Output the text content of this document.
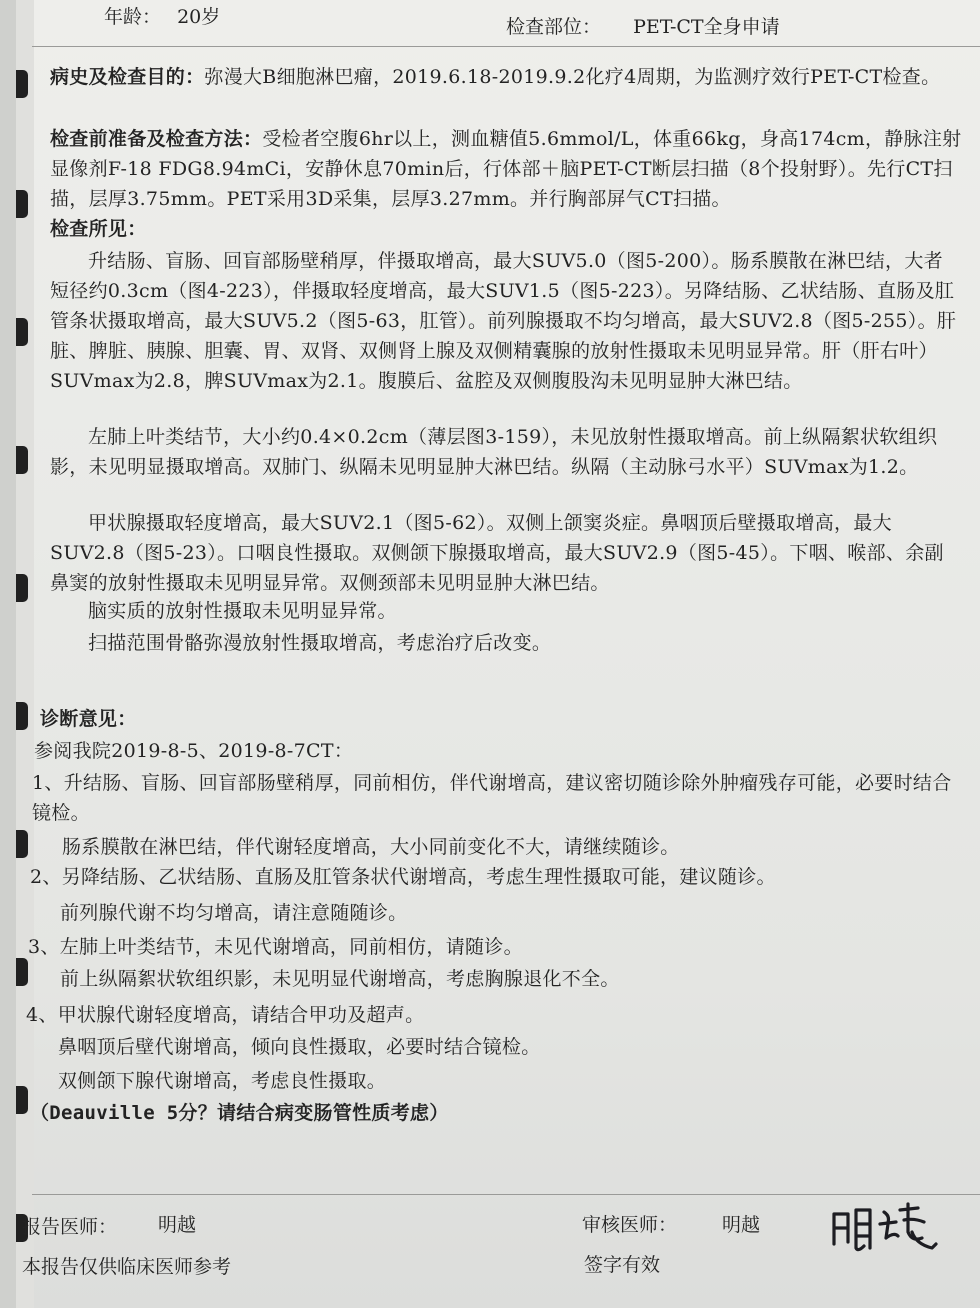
年龄： 20岁	检查部位： PET-CT全身申请
病史及检查目的：弥漫大B细胞淋巴瘤，2019.6.18-2019.9.2化疗4周期，为监测疗效行PET-CT检查。
检查前准备及检查方法：受检者空腹6hr以上，测血糖值5.6mmol/L，体重66kg，身高174cm，静脉注射显像剂F-18 FDG8.94mCi，安静休息70min后，行体部＋脑PET-CT断层扫描（8个投射野）。先行CT扫描，层厚3.75mm。PET采用3D采集，层厚3.27mm。并行胸部屏气CT扫描。
检查所见：
升结肠、盲肠、回盲部肠壁稍厚，伴摄取增高，最大SUV5.0（图5-200）。肠系膜散在淋巴结，大者短径约0.3cm（图4-223），伴摄取轻度增高，最大SUV1.5（图5-223）。另降结肠、乙状结肠、直肠及肛管条状摄取增高，最大SUV5.2（图5-63，肛管）。前列腺摄取不均匀增高，最大SUV2.8（图5-255）。肝脏、脾脏、胰腺、胆囊、胃、双肾、双侧肾上腺及双侧精囊腺的放射性摄取未见明显异常。肝（肝右叶）SUVmax为2.8，脾SUVmax为2.1。腹膜后、盆腔及双侧腹股沟未见明显肿大淋巴结。
左肺上叶类结节，大小约0.4×0.2cm（薄层图3-159），未见放射性摄取增高。前上纵隔絮状软组织影，未见明显摄取增高。双肺门、纵隔未见明显肿大淋巴结。纵隔（主动脉弓水平）SUVmax为1.2。
甲状腺摄取轻度增高，最大SUV2.1（图5-62）。双侧上颌窦炎症。鼻咽顶后壁摄取增高，最大SUV2.8（图5-23）。口咽良性摄取。双侧颌下腺摄取增高，最大SUV2.9（图5-45）。下咽、喉部、余副鼻窦的放射性摄取未见明显异常。双侧颈部未见明显肿大淋巴结。
脑实质的放射性摄取未见明显异常。
扫描范围骨骼弥漫放射性摄取增高，考虑治疗后改变。
诊断意见：
参阅我院2019-8-5、2019-8-7CT：
1、升结肠、盲肠、回盲部肠壁稍厚，同前相仿，伴代谢增高，建议密切随诊除外肿瘤残存可能，必要时结合镜检。
肠系膜散在淋巴结，伴代谢轻度增高，大小同前变化不大，请继续随诊。
2、另降结肠、乙状结肠、直肠及肛管条状代谢增高，考虑生理性摄取可能，建议随诊。
前列腺代谢不均匀增高，请注意随随诊。
3、左肺上叶类结节，未见代谢增高，同前相仿，请随诊。
前上纵隔絮状软组织影，未见明显代谢增高，考虑胸腺退化不全。
4、甲状腺代谢轻度增高，请结合甲功及超声。
鼻咽顶后壁代谢增高，倾向良性摄取，必要时结合镜检。
双侧颌下腺代谢增高，考虑良性摄取。
（Deauville 5分？请结合病变肠管性质考虑）
报告医师： 明越	审核医师： 明越
本报告仅供临床医师参考	签字有效
